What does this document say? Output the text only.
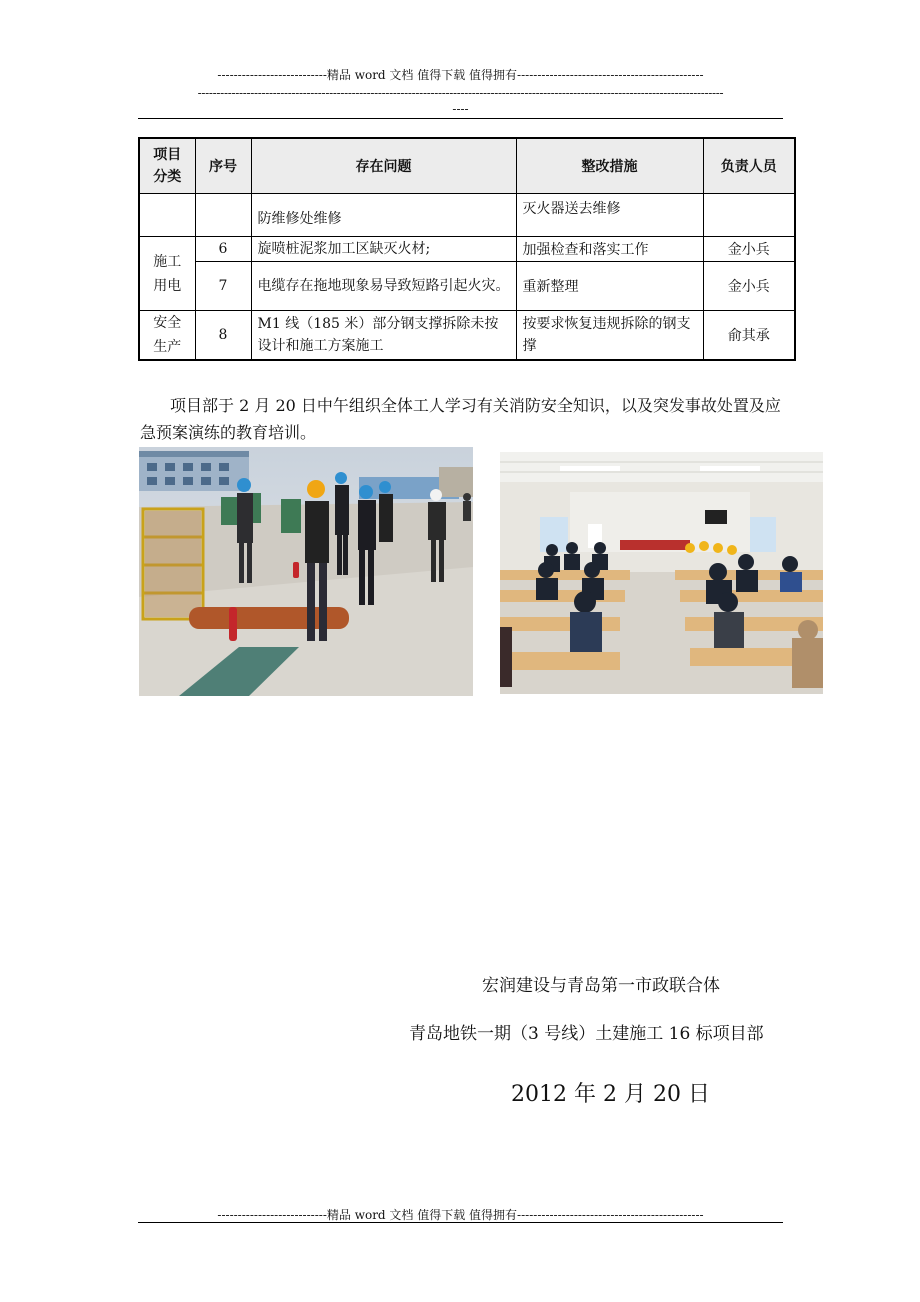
---------------------------精品 word 文档 值得下载 值得拥有----------------------------------------------
--------------------------------------------------------------------------------------------------------------------------------------------
----
项目
分类	序号	存在问题	整改措施	负责人员
		防维修处维修	灭火器送去维修	
施工
用电	6	旋喷桩泥浆加工区缺灭火材;	加强检查和落实工作	金小兵
	7	电缆存在拖地现象易导致短路引起火灾。	重新整理	金小兵
安全
生产	8	M1 线（185 米）部分钢支撑拆除未按设计和施工方案施工	按要求恢复违规拆除的钢支撑	俞其承
项目部于 2 月 20 日中午组织全体工人学习有关消防安全知识，以及突发事故处置及应急预案演练的教育培训。
宏润建设与青岛第一市政联合体
青岛地铁一期（3 号线）土建施工 16 标项目部
2012 年 2 月 20 日
---------------------------精品 word 文档 值得下载 值得拥有----------------------------------------------
